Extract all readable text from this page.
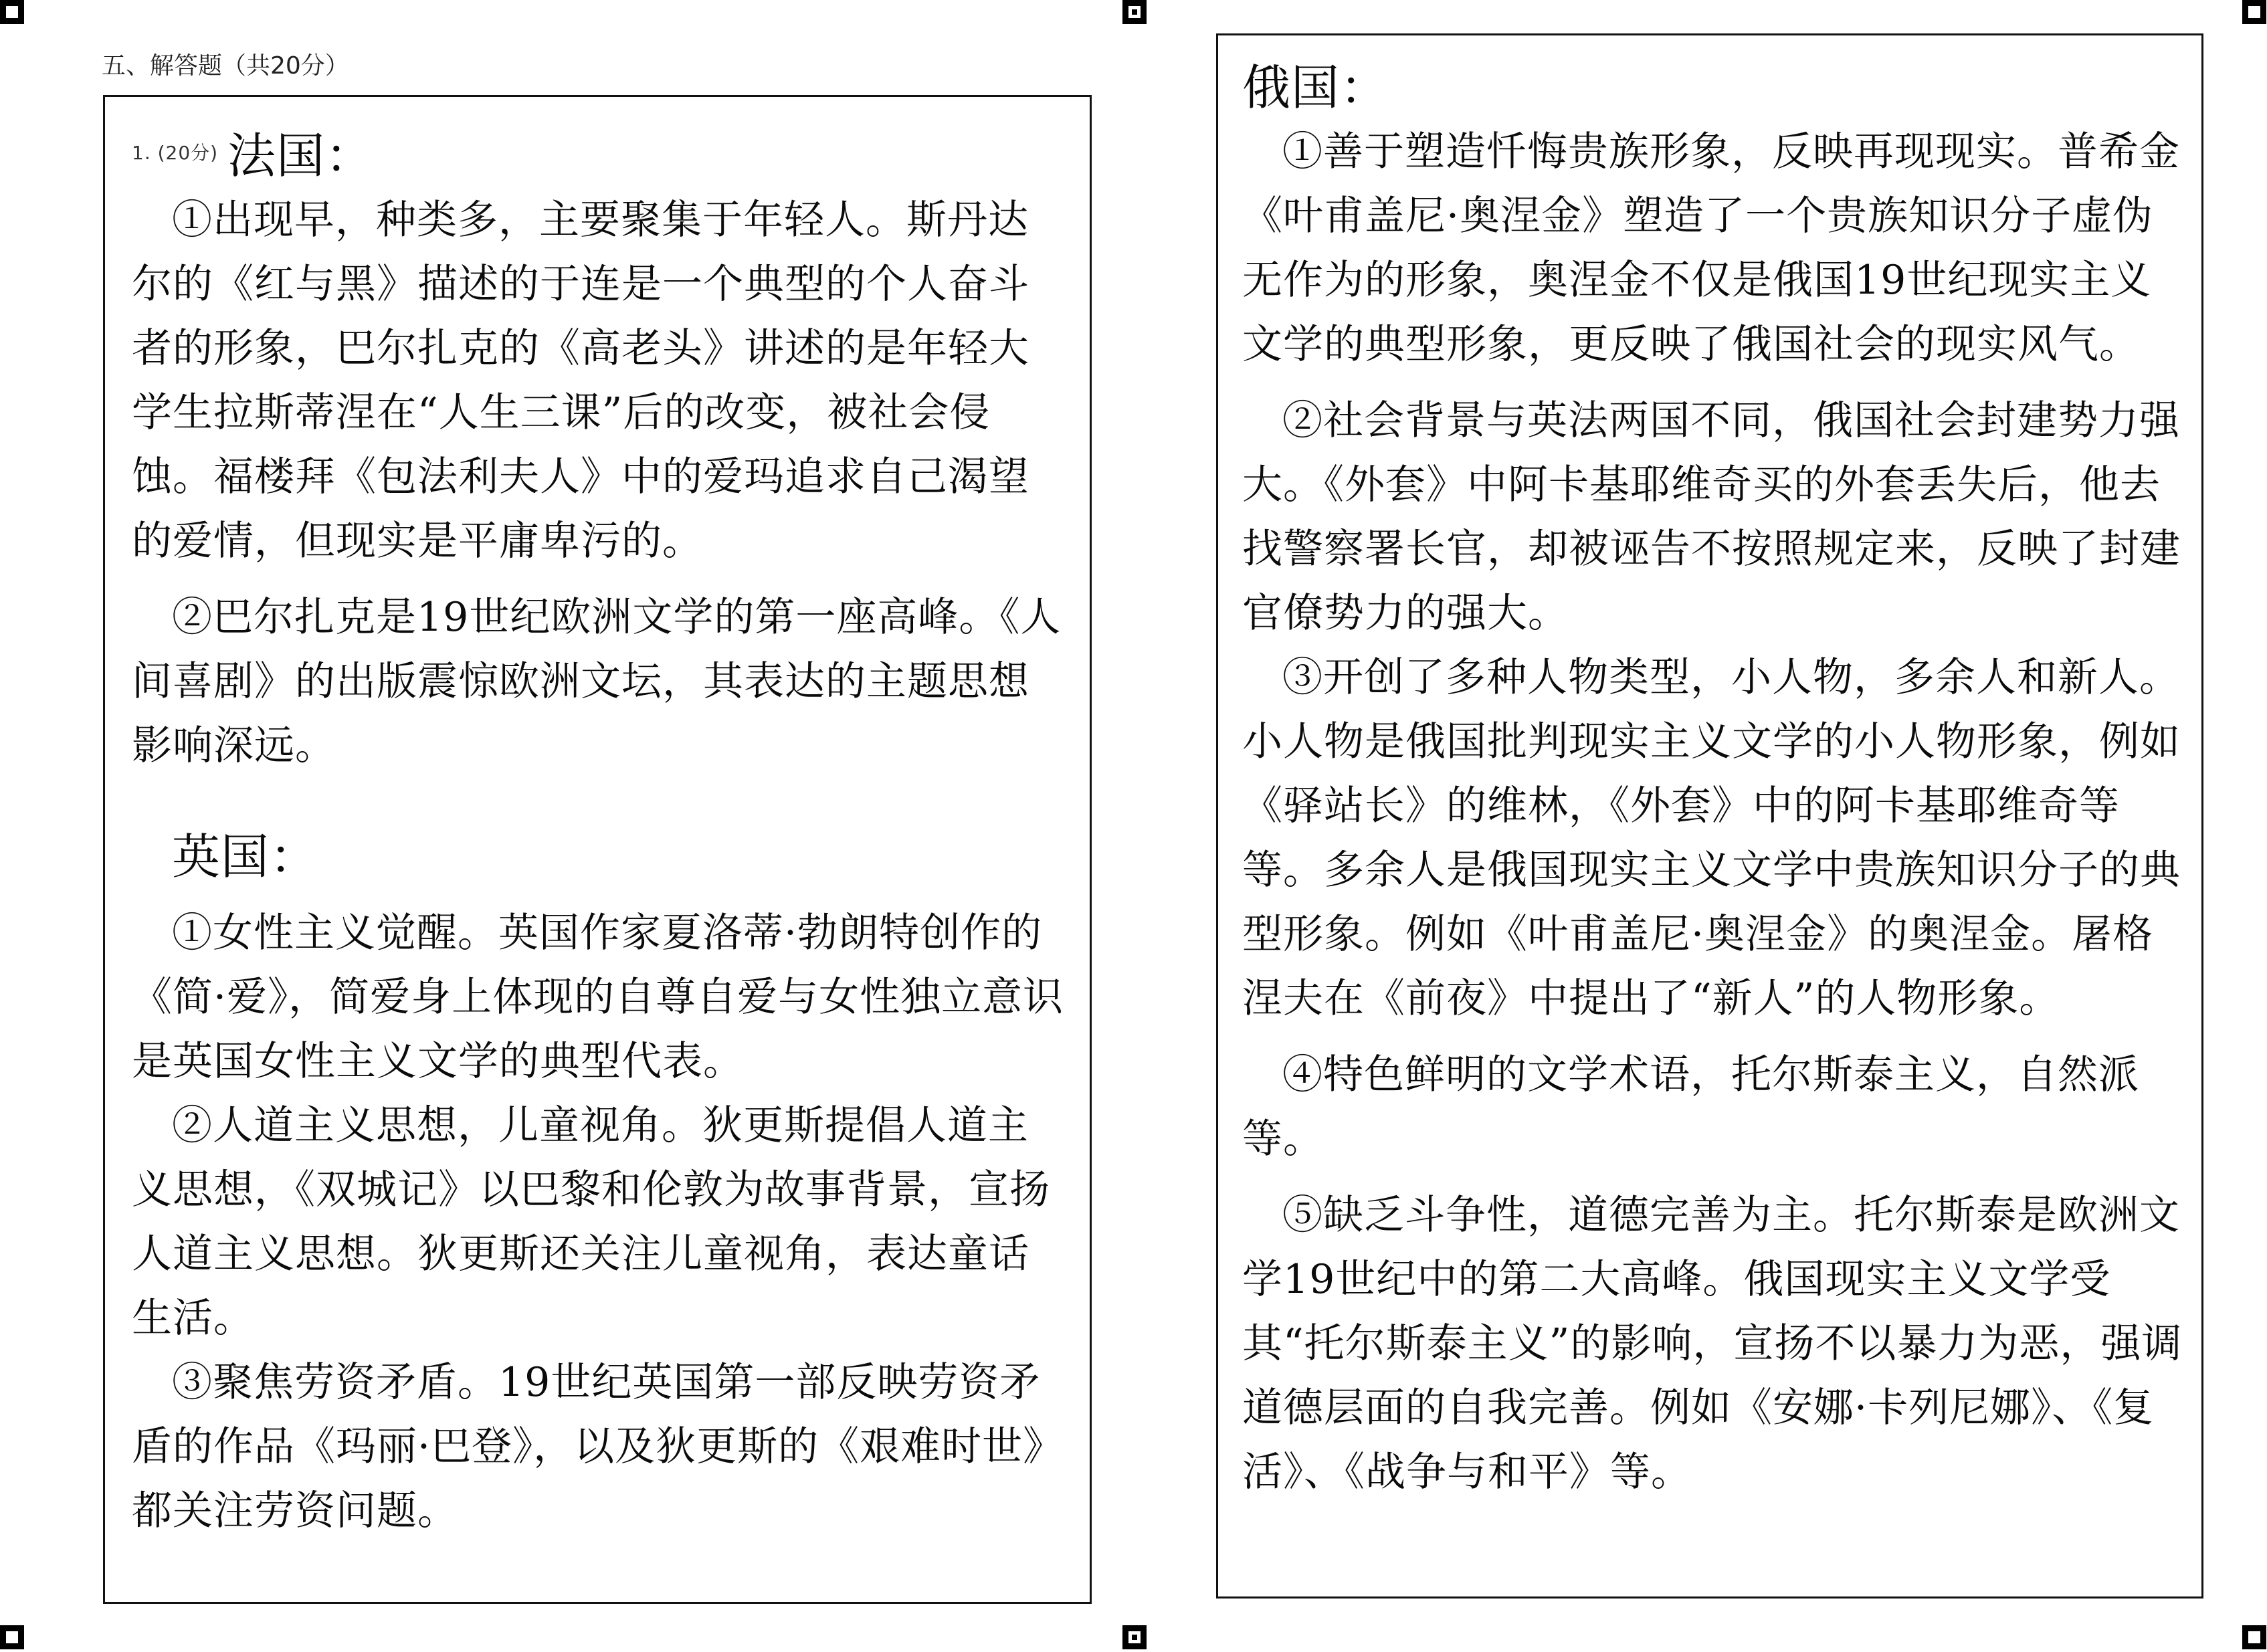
五、解答题（共20分）

1. (20分) 法国：

①出现早，种类多，主要聚集于年轻人。斯丹达尔的《红与黑》描述的于连是一个典型的个人奋斗者的形象，巴尔扎克的《高老头》讲述的是年轻大学生拉斯蒂涅在“人生三课”后的改变，被社会侵蚀。福楼拜《包法利夫人》中的爱玛追求自己渴望的爱情，但现实是平庸卑污的。

②巴尔扎克是19世纪欧洲文学的第一座高峰。《人间喜剧》的出版震惊欧洲文坛，其表达的主题思想影响深远。

英国：

①女性主义觉醒。英国作家夏洛蒂·勃朗特创作的《简·爱》，简爱身上体现的自尊自爱与女性独立意识是英国女性主义文学的典型代表。

②人道主义思想，儿童视角。狄更斯提倡人道主义思想，《双城记》以巴黎和伦敦为故事背景，宣扬人道主义思想。狄更斯还关注儿童视角，表达童话生活。

③聚焦劳资矛盾。19世纪英国第一部反映劳资矛盾的作品《玛丽·巴登》，以及狄更斯的《艰难时世》都关注劳资问题。

俄国：

①善于塑造忏悔贵族形象，反映再现现实。普希金《叶甫盖尼·奥涅金》塑造了一个贵族知识分子虚伪无作为的形象，奥涅金不仅是俄国19世纪现实主义文学的典型形象，更反映了俄国社会的现实风气。

②社会背景与英法两国不同，俄国社会封建势力强大。《外套》中阿卡基耶维奇买的外套丢失后，他去找警察署长官，却被诬告不按照规定来，反映了封建官僚势力的强大。

③开创了多种人物类型，小人物，多余人和新人。小人物是俄国批判现实主义文学的小人物形象，例如《驿站长》的维林，《外套》中的阿卡基耶维奇等等。多余人是俄国现实主义文学中贵族知识分子的典型形象。例如《叶甫盖尼·奥涅金》的奥涅金。屠格涅夫在《前夜》中提出了“新人”的人物形象。

④特色鲜明的文学术语，托尔斯泰主义，自然派等。

⑤缺乏斗争性，道德完善为主。托尔斯泰是欧洲文学19世纪中的第二大高峰。俄国现实主义文学受其“托尔斯泰主义”的影响，宣扬不以暴力为恶，强调道德层面的自我完善。例如《安娜·卡列尼娜》、《复活》、《战争与和平》等。
